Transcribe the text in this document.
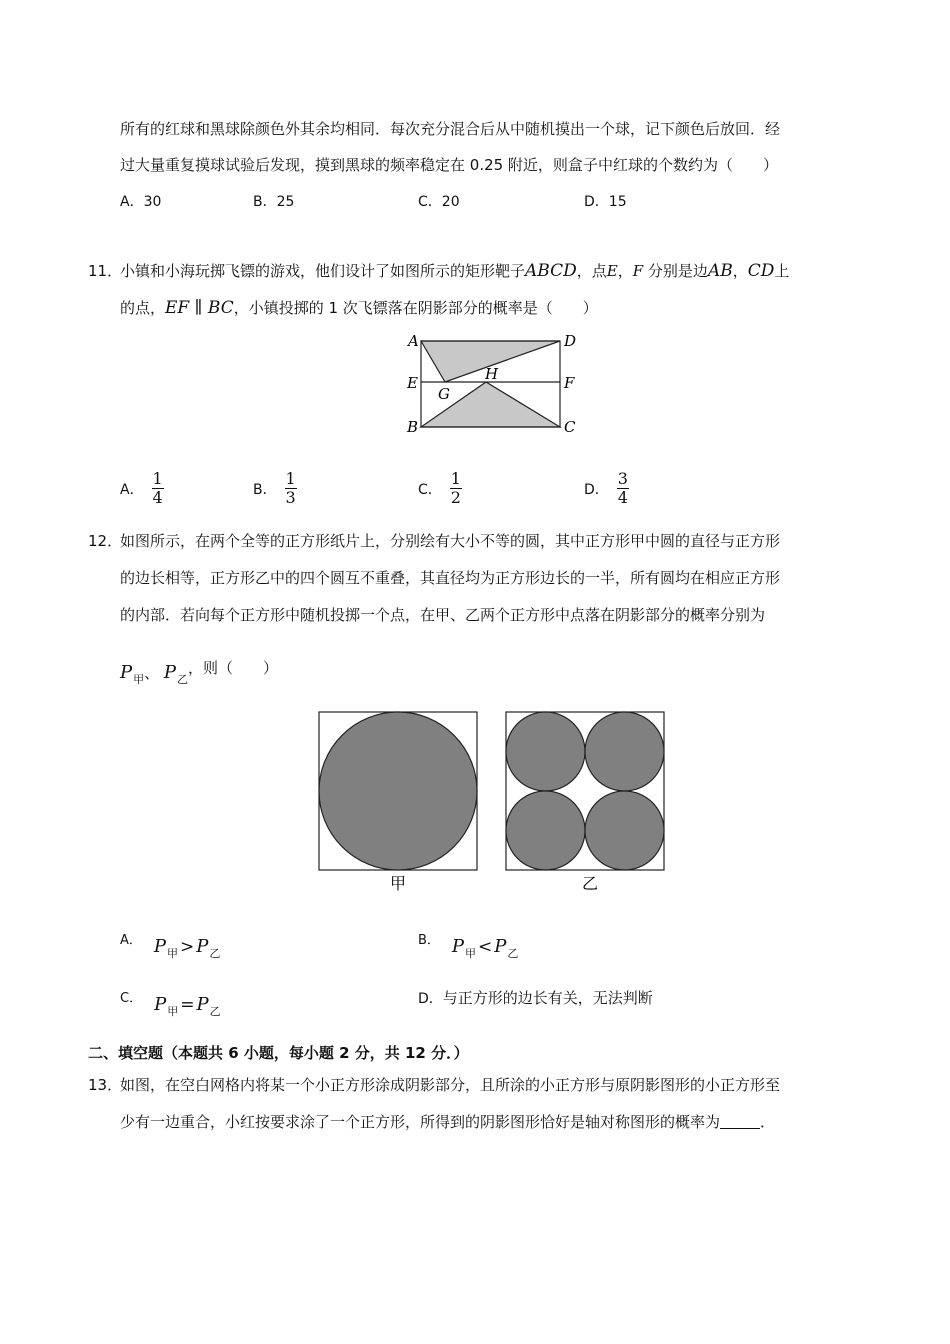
所有的红球和黑球除颜色外其余均相同．每次充分混合后从中随机摸出一个球，记下颜色后放回．经
过大量重复摸球试验后发现，摸到黑球的频率稳定在 0.25 附近，则盒子中红球的个数约为（　　）
A．30	B．25	C．20	D．15
11．
小镇和小海玩掷飞镖的游戏，他们设计了如图所示的矩形靶子ABCD，点E，F 分别是边AB，CD上
的点，EF ∥ BC，小镇投掷的 1 次飞镖落在阴影部分的概率是（　　）
A	D
E	F
G
H
B	C
A． $\frac{1}{4}$	B． $\frac{1}{3}$	C． $\frac{1}{2}$	D． $\frac{3}{4}$
12．
如图所示，在两个全等的正方形纸片上，分别绘有大小不等的圆，其中正方形甲中圆的直径与正方形
的边长相等，正方形乙中的四个圆互不重叠，其直径均为正方形边长的一半，所有圆均在相应正方形
的内部．若向每个正方形中随机投掷一个点，在甲、乙两个正方形中点落在阴影部分的概率分别为
$P_甲$、 $P_乙$，则（　　）
甲	乙
A． $P_甲 > P_乙$
B． $P_甲 < P_乙$
C． $P_甲 = P_乙$
D．与正方形的边长有关，无法判断
二、填空题（本题共 6 小题，每小题 2 分，共 12 分．）
13．
如图，在空白网格内将某一个小正方形涂成阴影部分，且所涂的小正方形与原阴影图形的小正方形至
少有一边重合，小红按要求涂了一个正方形，所得到的阴影图形恰好是轴对称图形的概率为	．
